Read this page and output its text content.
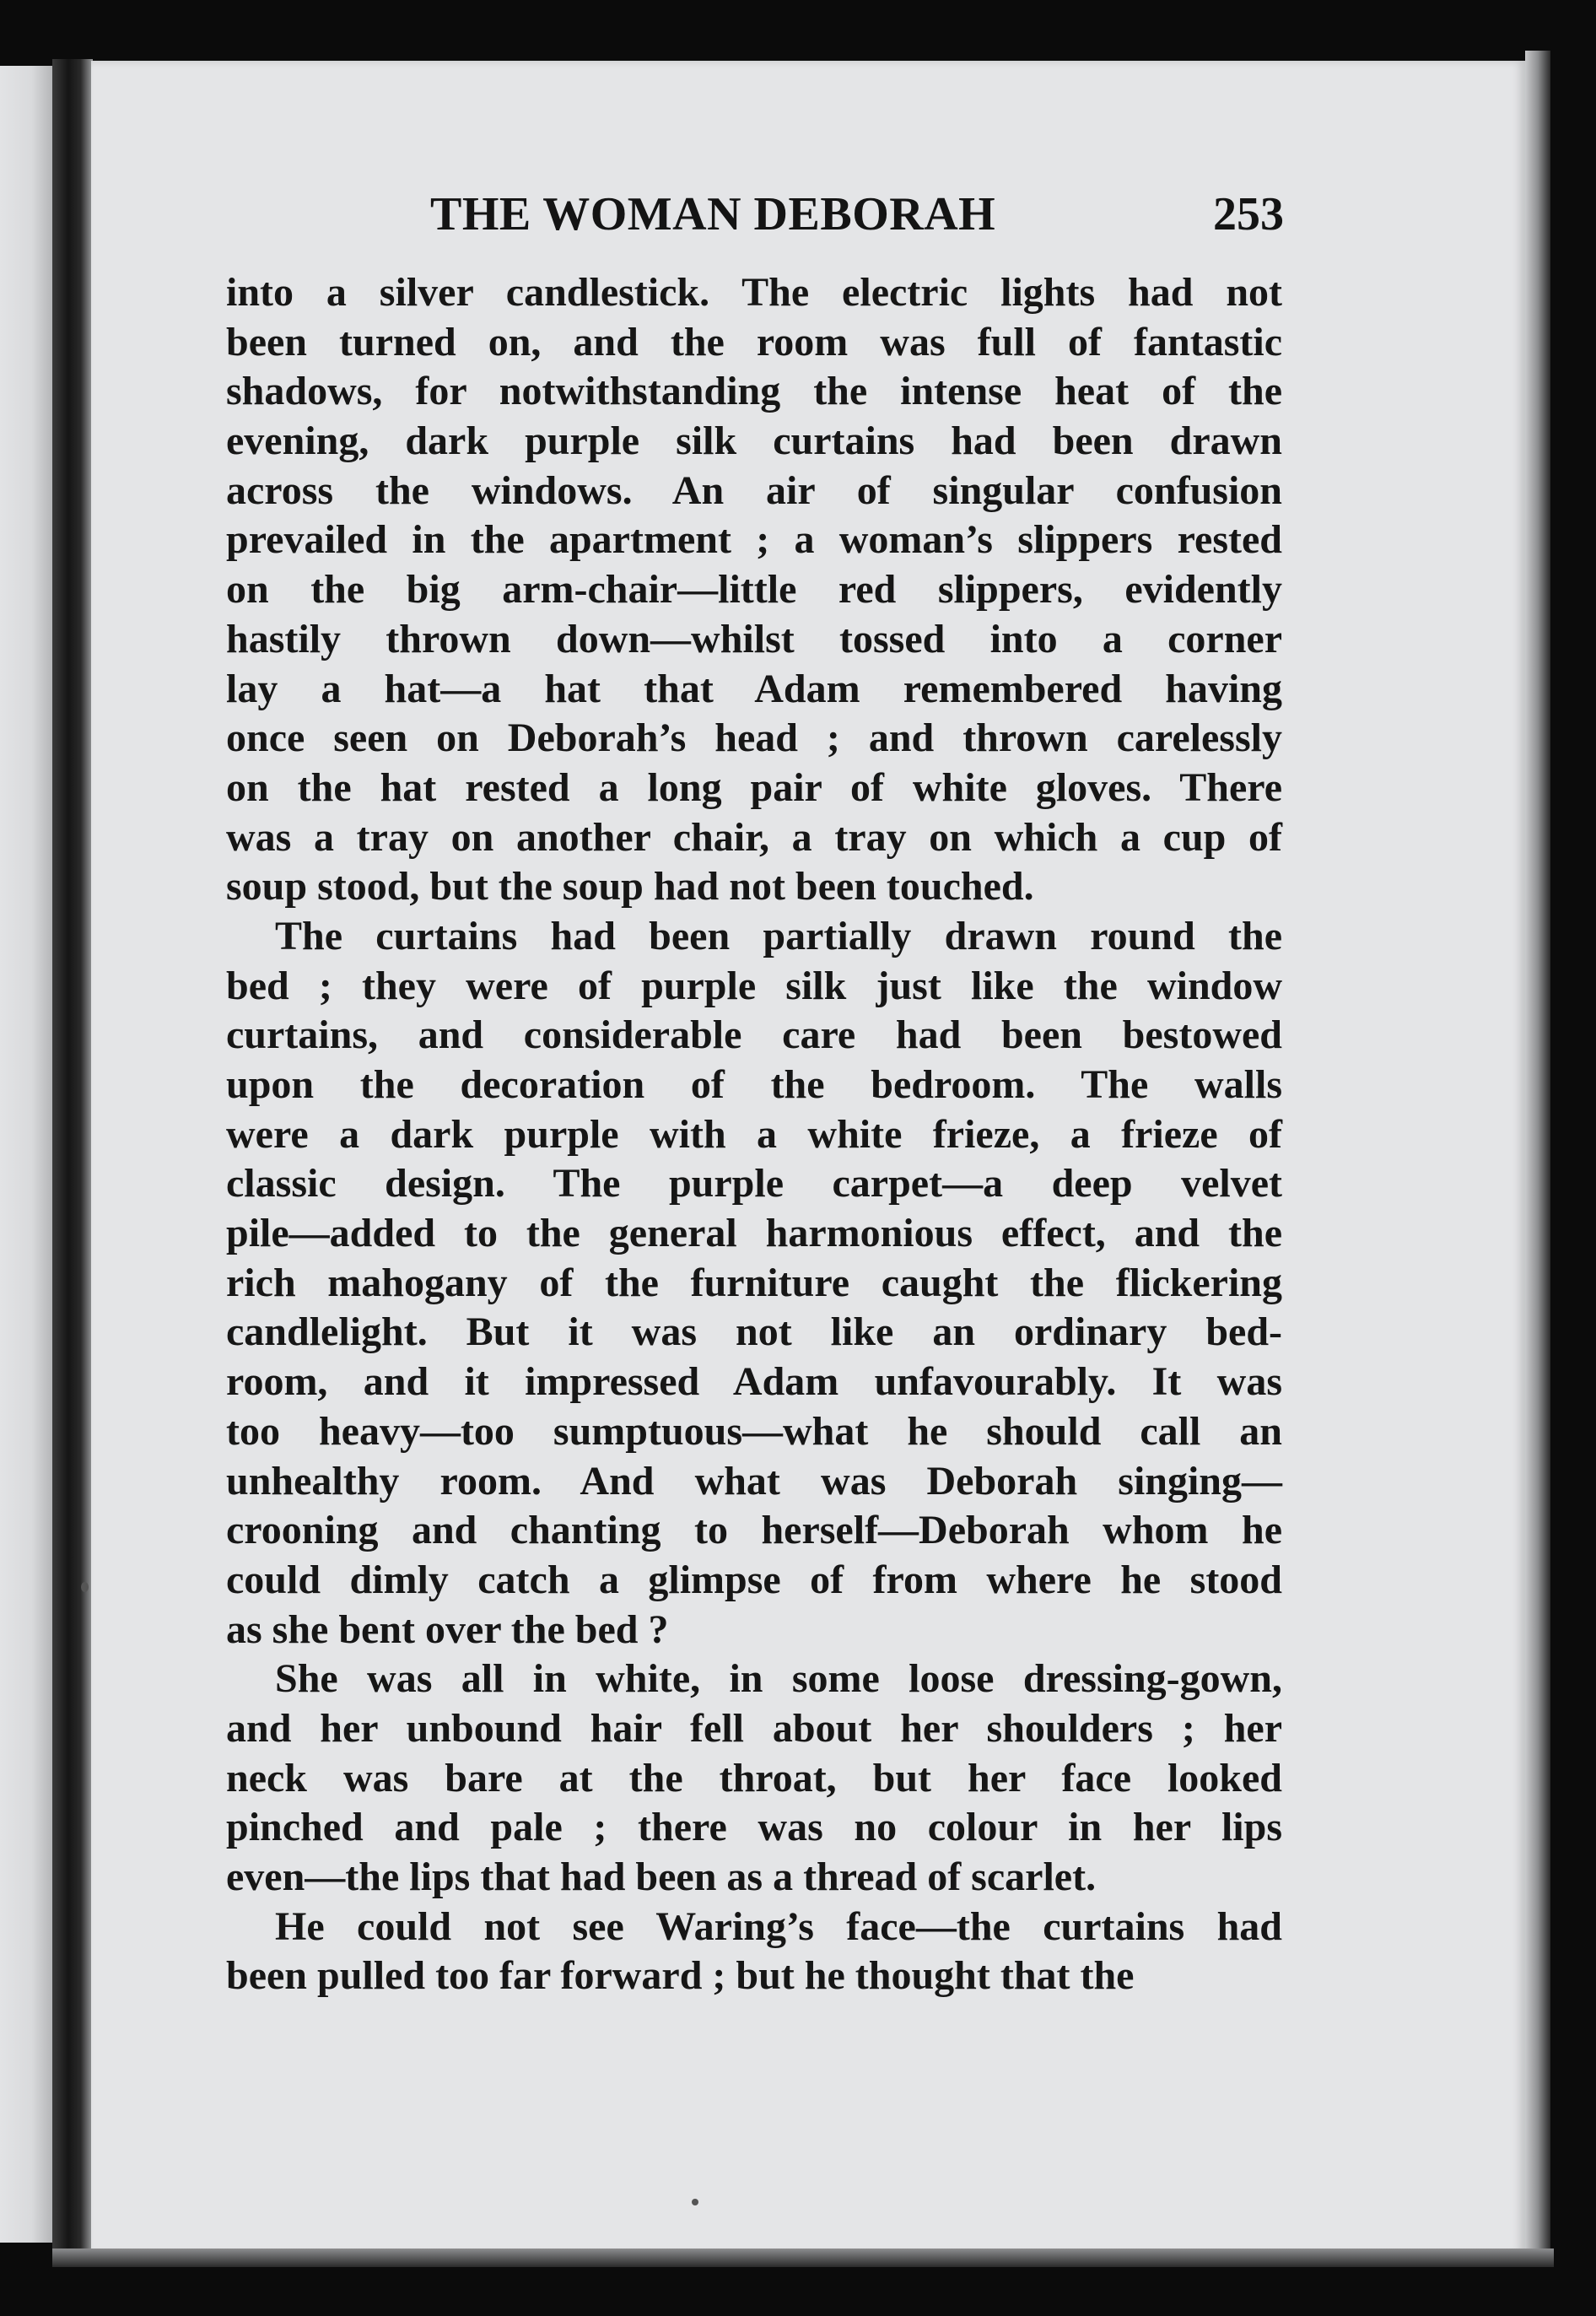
THE WOMAN DEBORAH	253
into a silver candlestick. The electric lights had not
been turned on, and the room was full of fantastic
shadows, for notwithstanding the intense heat of the
evening, dark purple silk curtains had been drawn
across the windows. An air of singular confusion
prevailed in the apartment ; a woman’s slippers rested
on the big arm-chair—little red slippers, evidently
hastily thrown down—whilst tossed into a corner
lay a hat—a hat that Adam remembered having
once seen on Deborah’s head ; and thrown carelessly
on the hat rested a long pair of white gloves. There
was a tray on another chair, a tray on which a cup of
soup stood, but the soup had not been touched.
The curtains had been partially drawn round the
bed ; they were of purple silk just like the window
curtains, and considerable care had been bestowed
upon the decoration of the bedroom. The walls
were a dark purple with a white frieze, a frieze of
classic design. The purple carpet—a deep velvet
pile—added to the general harmonious effect, and the
rich mahogany of the furniture caught the flickering
candlelight. But it was not like an ordinary bed-
room, and it impressed Adam unfavourably. It was
too heavy—too sumptuous—what he should call an
unhealthy room. And what was Deborah singing—
crooning and chanting to herself—Deborah whom he
could dimly catch a glimpse of from where he stood
as she bent over the bed ?
She was all in white, in some loose dressing-gown,
and her unbound hair fell about her shoulders ; her
neck was bare at the throat, but her face looked
pinched and pale ; there was no colour in her lips
even—the lips that had been as a thread of scarlet.
He could not see Waring’s face—the curtains had
been pulled too far forward ; but he thought that the
